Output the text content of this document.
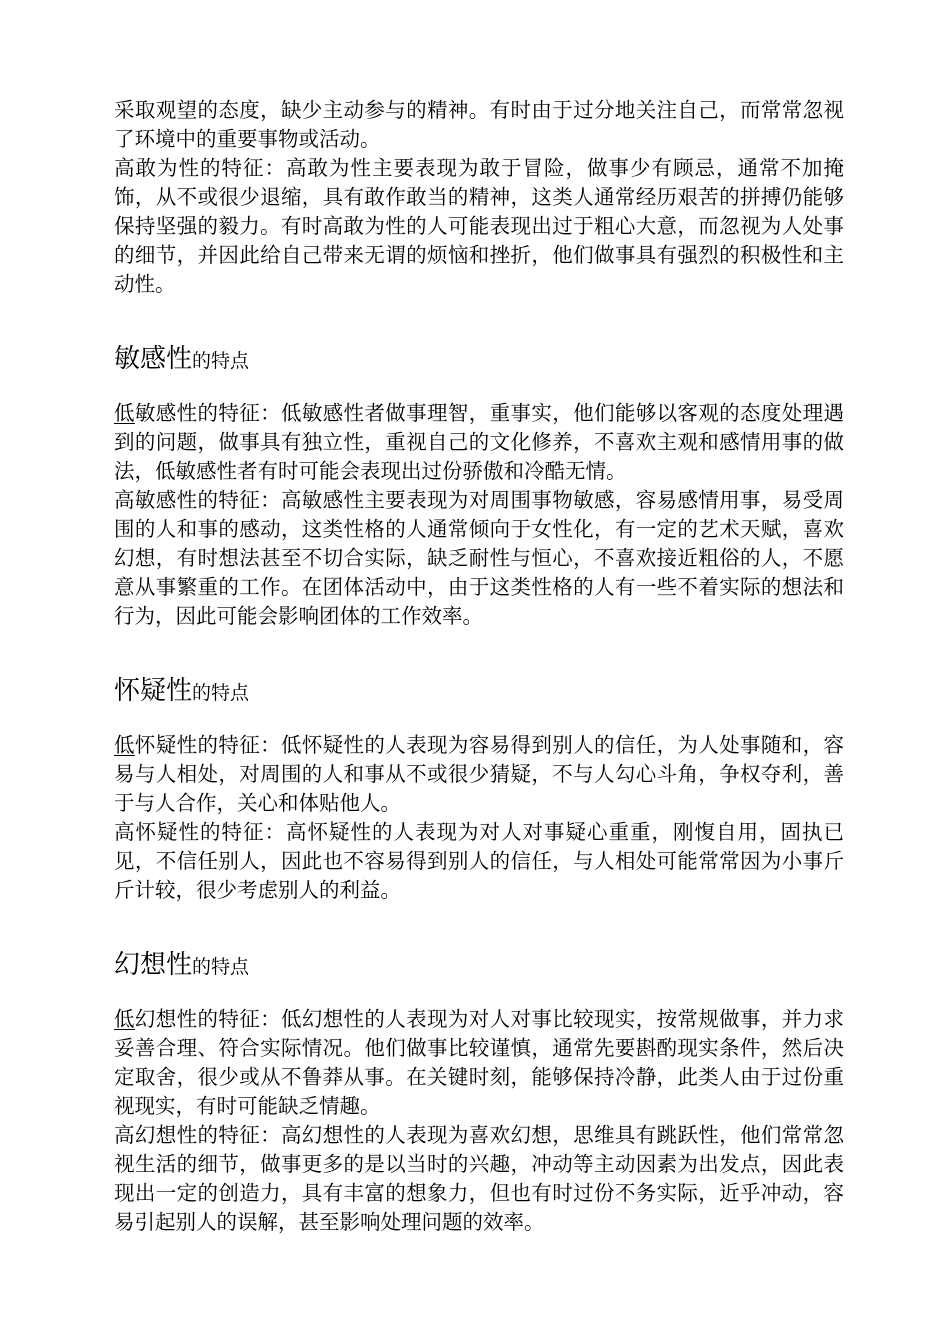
采取观望的态度，缺少主动参与的精神。有时由于过分地关注自己，而常常忽视了环境中的重要事物或活动。

高敢为性的特征：高敢为性主要表现为敢于冒险，做事少有顾忌，通常不加掩饰，从不或很少退缩，具有敢作敢当的精神，这类人通常经历艰苦的拼搏仍能够保持坚强的毅力。有时高敢为性的人可能表现出过于粗心大意，而忽视为人处事的细节，并因此给自己带来无谓的烦恼和挫折，他们做事具有强烈的积极性和主动性。

敏感性的特点

低敏感性的特征：低敏感性者做事理智，重事实，他们能够以客观的态度处理遇到的问题，做事具有独立性，重视自己的文化修养，不喜欢主观和感情用事的做法，低敏感性者有时可能会表现出过份骄傲和冷酷无情。

高敏感性的特征：高敏感性主要表现为对周围事物敏感，容易感情用事，易受周围的人和事的感动，这类性格的人通常倾向于女性化，有一定的艺术天赋，喜欢幻想，有时想法甚至不切合实际，缺乏耐性与恒心，不喜欢接近粗俗的人，不愿意从事繁重的工作。在团体活动中，由于这类性格的人有一些不着实际的想法和行为，因此可能会影响团体的工作效率。

怀疑性的特点

低怀疑性的特征：低怀疑性的人表现为容易得到别人的信任，为人处事随和，容易与人相处，对周围的人和事从不或很少猜疑，不与人勾心斗角，争权夺利，善于与人合作，关心和体贴他人。

高怀疑性的特征：高怀疑性的人表现为对人对事疑心重重，刚愎自用，固执已见，不信任别人，因此也不容易得到别人的信任，与人相处可能常常因为小事斤斤计较，很少考虑别人的利益。

幻想性的特点

低幻想性的特征：低幻想性的人表现为对人对事比较现实，按常规做事，并力求妥善合理、符合实际情况。他们做事比较谨慎，通常先要斟酌现实条件，然后决定取舍，很少或从不鲁莽从事。在关键时刻，能够保持冷静，此类人由于过份重视现实，有时可能缺乏情趣。

高幻想性的特征：高幻想性的人表现为喜欢幻想，思维具有跳跃性，他们常常忽视生活的细节，做事更多的是以当时的兴趣，冲动等主动因素为出发点，因此表现出一定的创造力，具有丰富的想象力，但也有时过份不务实际，近乎冲动，容易引起别人的误解，甚至影响处理问题的效率。
